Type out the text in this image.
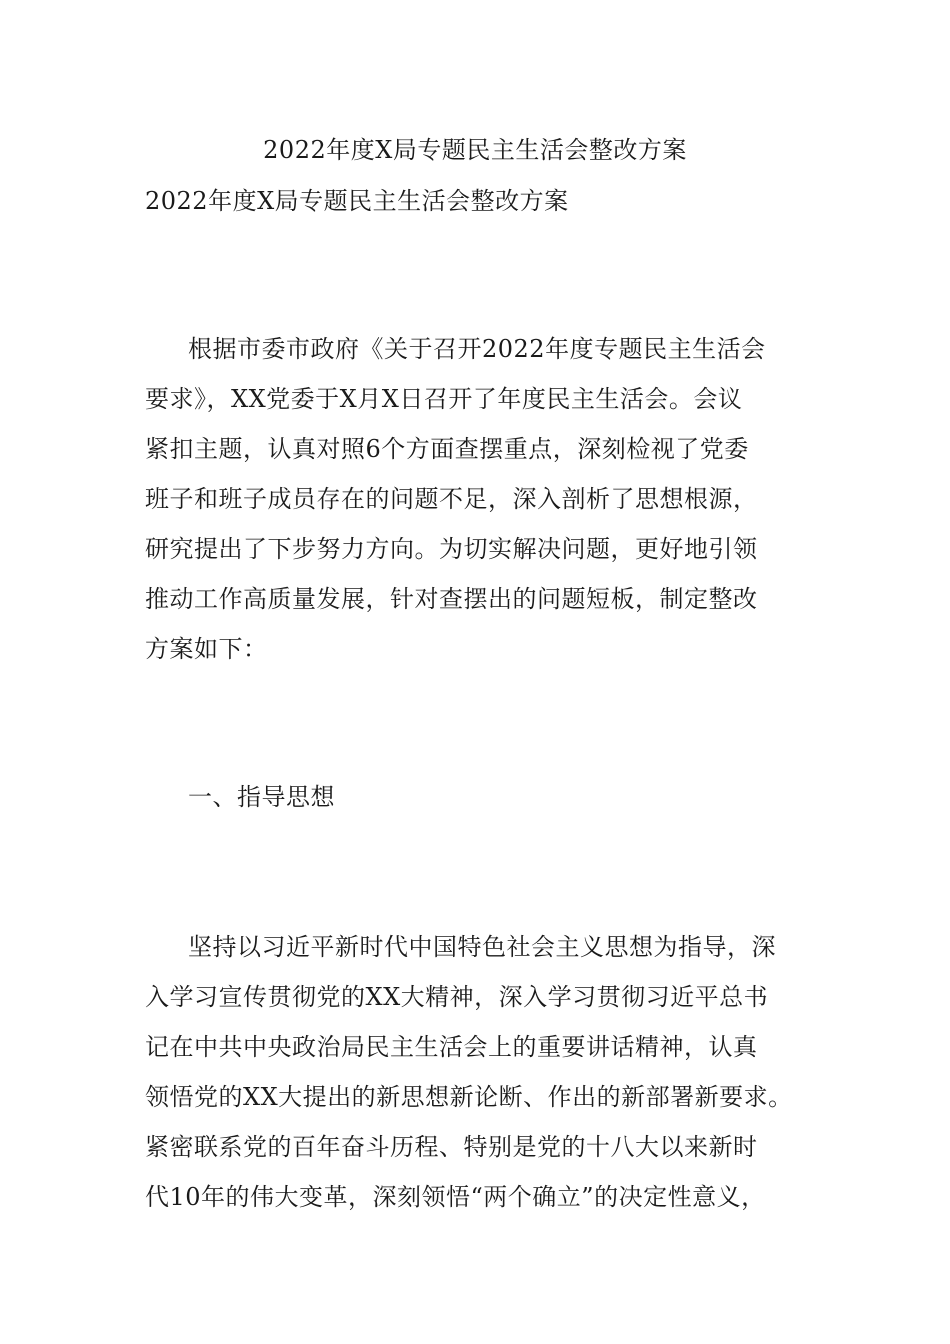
2022年度X局专题民主生活会整改方案
2022年度X局专题民主生活会整改方案
根据市委市政府《关于召开2022年度专题民主生活会
要求》，XX党委于X月X日召开了年度民主生活会。会议
紧扣主题，认真对照6个方面查摆重点，深刻检视了党委
班子和班子成员存在的问题不足，深入剖析了思想根源，
研究提出了下步努力方向。为切实解决问题，更好地引领
推动工作高质量发展，针对查摆出的问题短板，制定整改
方案如下：
一、指导思想
坚持以习近平新时代中国特色社会主义思想为指导，深
入学习宣传贯彻党的XX大精神，深入学习贯彻习近平总书
记在中共中央政治局民主生活会上的重要讲话精神，认真
领悟党的XX大提出的新思想新论断、作出的新部署新要求。
紧密联系党的百年奋斗历程、特别是党的十八大以来新时
代10年的伟大变革，深刻领悟“两个确立”的决定性意义，
